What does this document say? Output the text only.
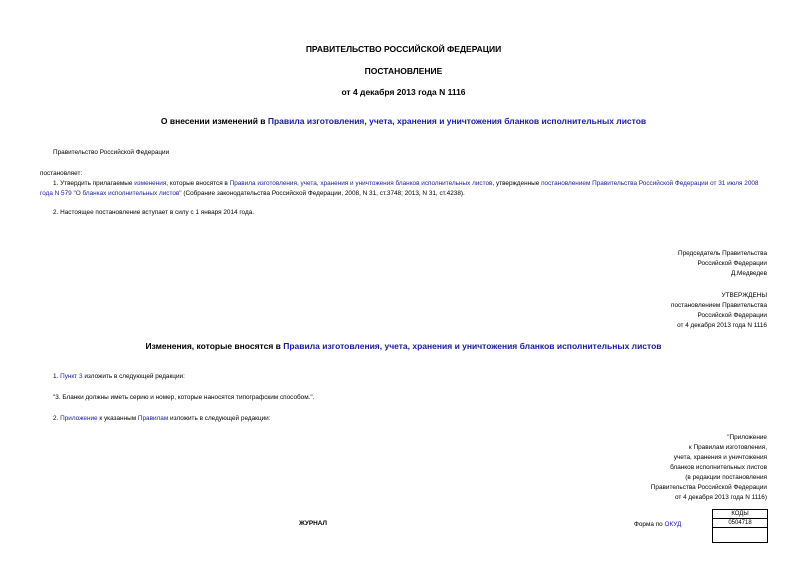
ПРАВИТЕЛЬСТВО РОССИЙСКОЙ ФЕДЕРАЦИИ
ПОСТАНОВЛЕНИЕ
от 4 декабря 2013 года N 1116
О внесении изменений в Правила изготовления, учета, хранения и уничтожения бланков исполнительных листов
Правительство Российской Федерации
постановляет:
1. Утвердить прилагаемые изменения, которые вносятся в Правила изготовления, учета, хранения и уничтожения бланков исполнительных листов, утвержденные постановлением Правительства Российской Федерации от 31 июля 2008 года N 579 "О бланках исполнительных листов" (Собрание законодательства Российской Федерации, 2008, N 31, ст.3748; 2013, N 31, ст.4238).
2. Настоящее постановление вступает в силу с 1 января 2014 года.
Председатель Правительства
Российской Федерации
Д.Медведев
УТВЕРЖДЕНЫ
постановлением Правительства
Российской Федерации
от 4 декабря 2013 года N 1116
Изменения, которые вносятся в Правила изготовления, учета, хранения и уничтожения бланков исполнительных листов
1. Пункт 3 изложить в следующей редакции:
"3. Бланки должны иметь серию и номер, которые наносятся типографским способом.".
2. Приложение к указанным Правилам изложить в следующей редакции:
"Приложение
к Правилам изготовления,
учета, хранения и уничтожения
бланков исполнительных листов
(в редакции постановления
Правительства Российской Федерации
от 4 декабря 2013 года N 1116)
ЖУРНАЛ	Форма по ОКУД
КОДЫ
0504718
